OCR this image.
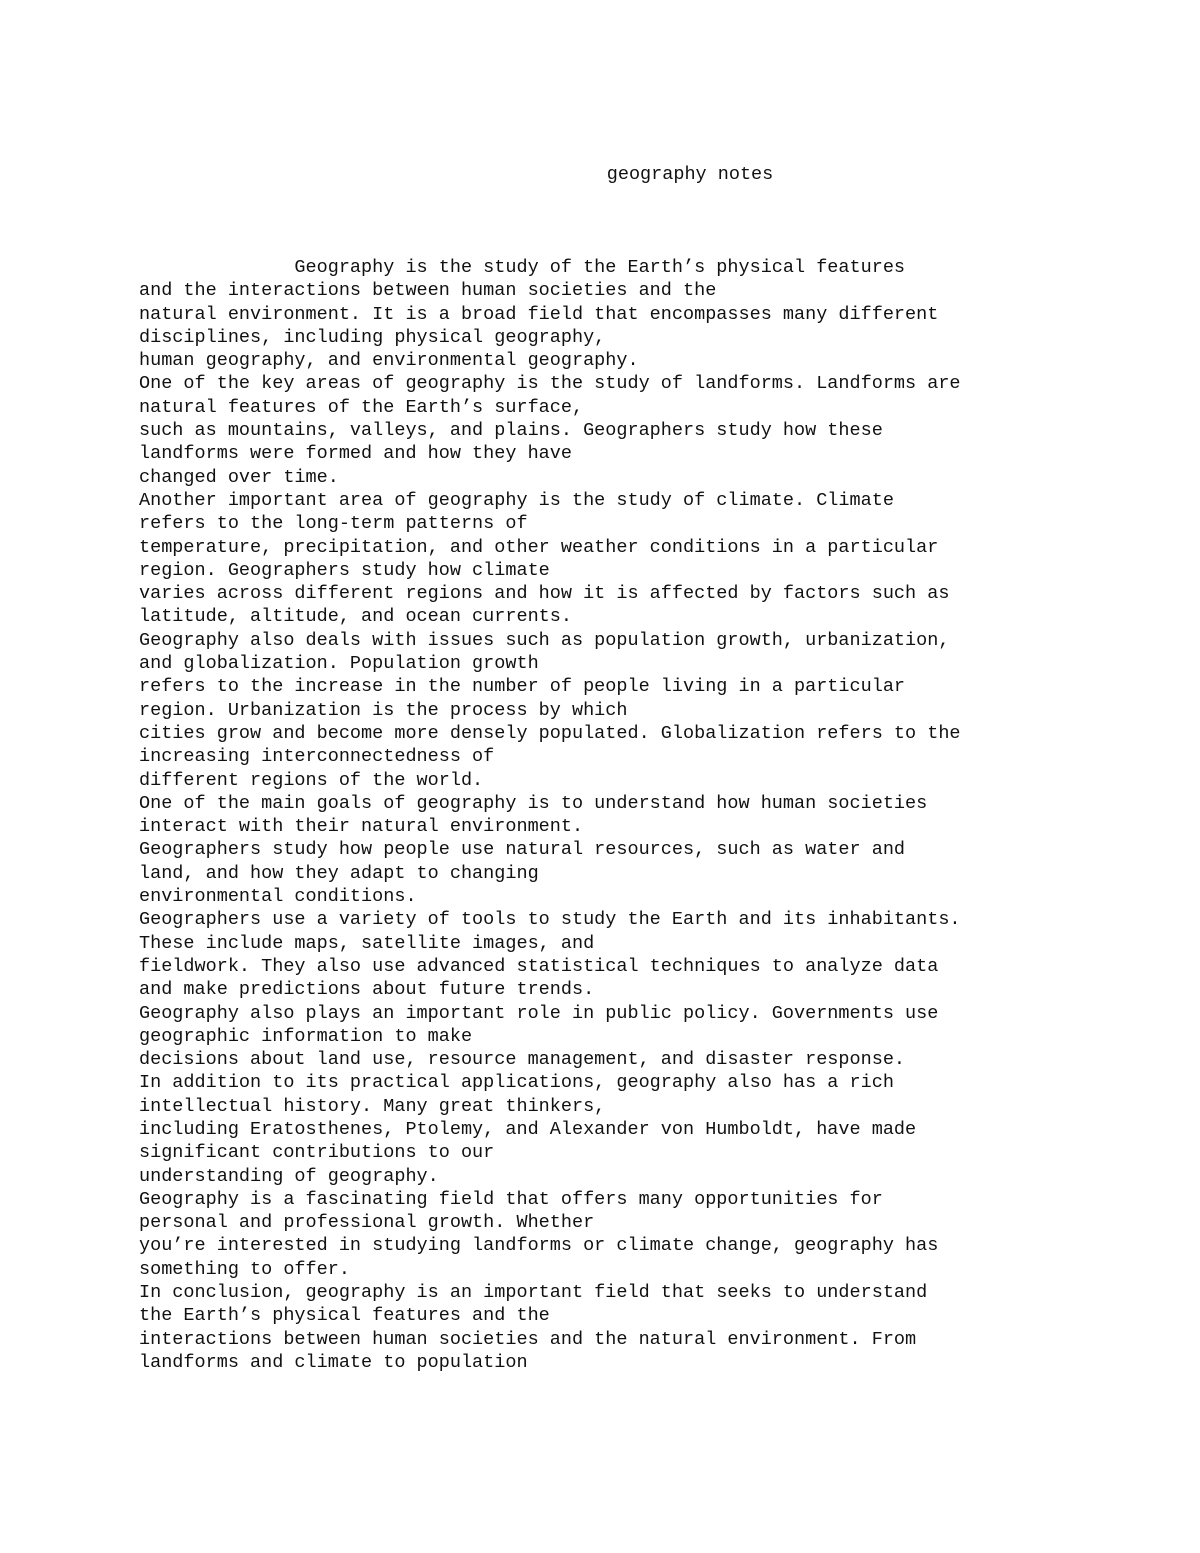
geography notes
Geography is the study of the Earth’s physical features
and the interactions between human societies and the
natural environment. It is a broad field that encompasses many different
disciplines, including physical geography,
human geography, and environmental geography.
One of the key areas of geography is the study of landforms. Landforms are
natural features of the Earth’s surface,
such as mountains, valleys, and plains. Geographers study how these
landforms were formed and how they have
changed over time.
Another important area of geography is the study of climate. Climate
refers to the long-term patterns of
temperature, precipitation, and other weather conditions in a particular
region. Geographers study how climate
varies across different regions and how it is affected by factors such as
latitude, altitude, and ocean currents.
Geography also deals with issues such as population growth, urbanization,
and globalization. Population growth
refers to the increase in the number of people living in a particular
region. Urbanization is the process by which
cities grow and become more densely populated. Globalization refers to the
increasing interconnectedness of
different regions of the world.
One of the main goals of geography is to understand how human societies
interact with their natural environment.
Geographers study how people use natural resources, such as water and
land, and how they adapt to changing
environmental conditions.
Geographers use a variety of tools to study the Earth and its inhabitants.
These include maps, satellite images, and
fieldwork. They also use advanced statistical techniques to analyze data
and make predictions about future trends.
Geography also plays an important role in public policy. Governments use
geographic information to make
decisions about land use, resource management, and disaster response.
In addition to its practical applications, geography also has a rich
intellectual history. Many great thinkers,
including Eratosthenes, Ptolemy, and Alexander von Humboldt, have made
significant contributions to our
understanding of geography.
Geography is a fascinating field that offers many opportunities for
personal and professional growth. Whether
you’re interested in studying landforms or climate change, geography has
something to offer.
In conclusion, geography is an important field that seeks to understand
the Earth’s physical features and the
interactions between human societies and the natural environment. From
landforms and climate to population
